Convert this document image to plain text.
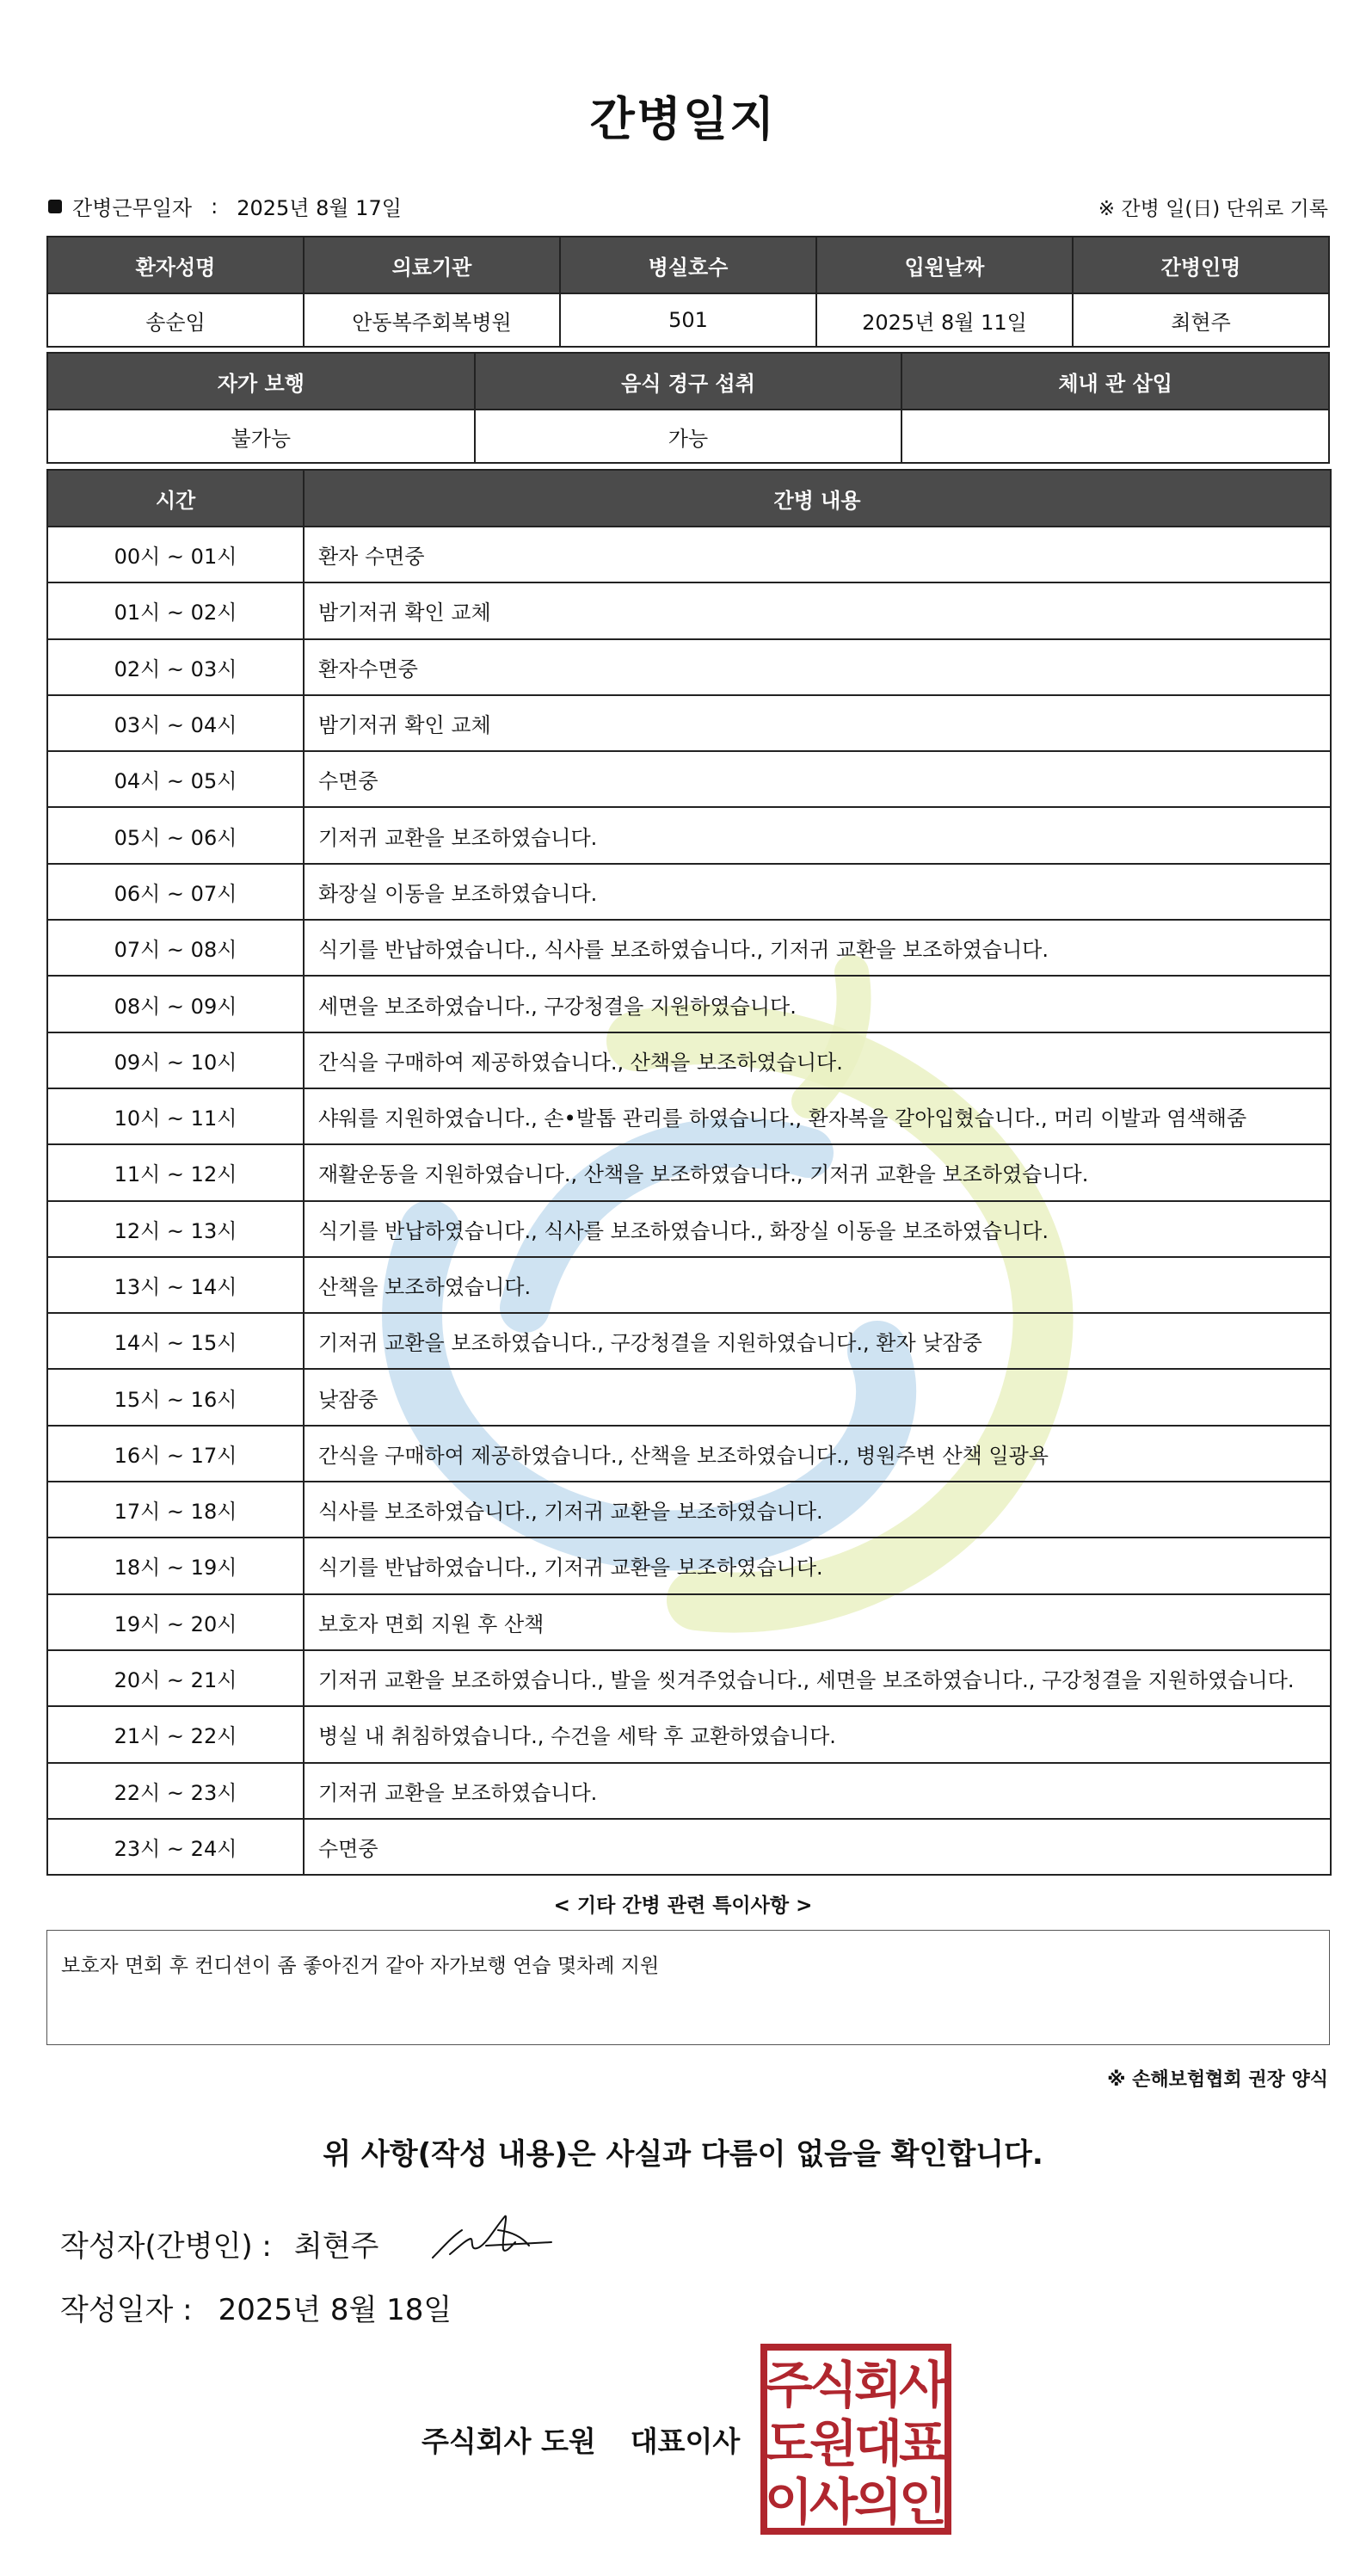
간병일지
간병근무일자 : 2025년 8월 17일	※ 간병 일(日) 단위로 기록
환자성명	의료기관	병실호수	입원날짜	간병인명
송순임	안동복주회복병원	501	2025년 8월 11일	최현주
자가 보행	음식 경구 섭취	체내 관 삽입
불가능	가능	
시간	간병 내용
00시 ~ 01시	환자 수면중
01시 ~ 02시	밤기저귀 확인 교체
02시 ~ 03시	환자수면중
03시 ~ 04시	밤기저귀 확인 교체
04시 ~ 05시	수면중
05시 ~ 06시	기저귀 교환을 보조하였습니다.
06시 ~ 07시	화장실 이동을 보조하였습니다.
07시 ~ 08시	식기를 반납하였습니다., 식사를 보조하였습니다., 기저귀 교환을 보조하였습니다.
08시 ~ 09시	세면을 보조하였습니다., 구강청결을 지원하였습니다.
09시 ~ 10시	간식을 구매하여 제공하였습니다., 산책을 보조하였습니다.
10시 ~ 11시	샤워를 지원하였습니다., 손•발톱 관리를 하였습니다., 환자복을 갈아입혔습니다., 머리 이발과 염색해줌
11시 ~ 12시	재활운동을 지원하였습니다., 산책을 보조하였습니다., 기저귀 교환을 보조하였습니다.
12시 ~ 13시	식기를 반납하였습니다., 식사를 보조하였습니다., 화장실 이동을 보조하였습니다.
13시 ~ 14시	산책을 보조하였습니다.
14시 ~ 15시	기저귀 교환을 보조하였습니다., 구강청결을 지원하였습니다., 환자 낮잠중
15시 ~ 16시	낮잠중
16시 ~ 17시	간식을 구매하여 제공하였습니다., 산책을 보조하였습니다., 병원주변 산책 일광욕
17시 ~ 18시	식사를 보조하였습니다., 기저귀 교환을 보조하였습니다.
18시 ~ 19시	식기를 반납하였습니다., 기저귀 교환을 보조하였습니다.
19시 ~ 20시	보호자 면회 지원 후 산책
20시 ~ 21시	기저귀 교환을 보조하였습니다., 발을 씻겨주었습니다., 세면을 보조하였습니다., 구강청결을 지원하였습니다.
21시 ~ 22시	병실 내 취침하였습니다., 수건을 세탁 후 교환하였습니다.
22시 ~ 23시	기저귀 교환을 보조하였습니다.
23시 ~ 24시	수면중
< 기타 간병 관련 특이사항 >
보호자 면회 후 컨디션이 좀 좋아진거 같아 자가보행 연습 몇차례 지원
※ 손해보험협회 권장 양식
위 사항(작성 내용)은 사실과 다름이 없음을 확인합니다.
작성자(간병인) : 최현주
작성일자 : 2025년 8월 18일
주식회사 도원 대표이사
주
식
회
사
도
원
대
표
이
사
의
인
